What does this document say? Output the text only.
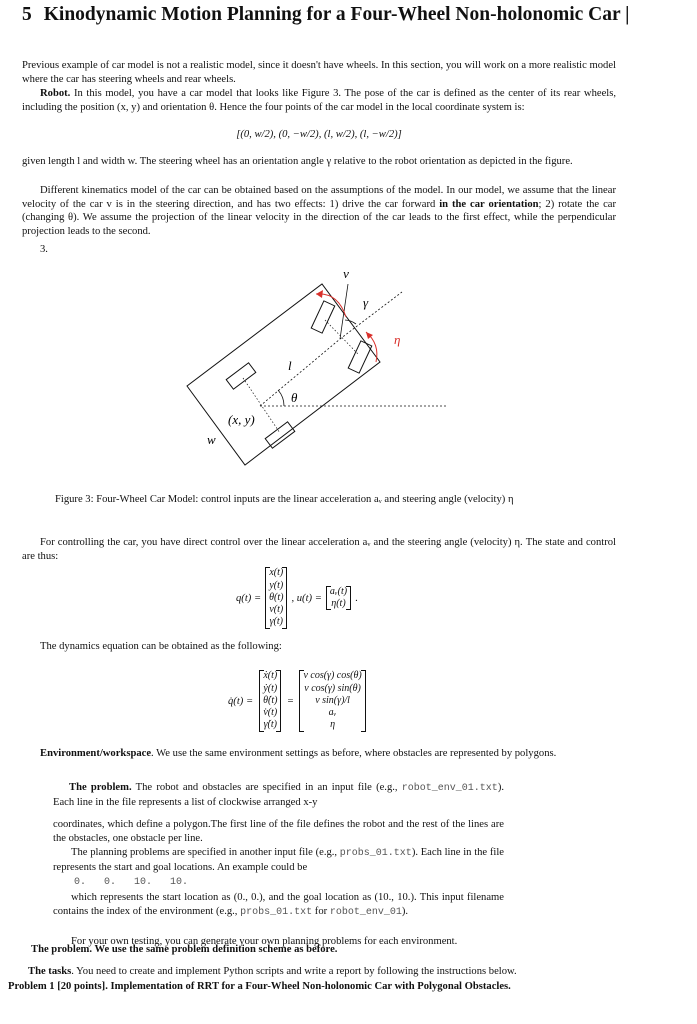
5 Kinodynamic Motion Planning for a Four-Wheel Non-holonomic Car |
Previous example of car model is not a realistic model, since it doesn't have wheels. In this section, you will work on a more realistic model where the car has steering wheels and rear wheels.
Robot. In this model, you have a car model that looks like Figure 3. The pose of the car is defined as the center of its rear wheels, including the position (x, y) and orientation θ. Hence the four points of the car model in the local coordinate system is:
[(0, w/2), (0, −w/2), (l, w/2), (l, −w/2)]
given length l and width w. The steering wheel has an orientation angle γ relative to the robot orientation as depicted in the figure.
Different kinematics model of the car can be obtained based on the assumptions of the model. In our model, we assume that the linear velocity of the car v is in the steering direction, and has two effects: 1) drive the car forward in the car orientation; 2) rotate the car (changing θ). We assume the projection of the linear velocity in the direction of the car leads to the first effect, while the perpendicular projection leads to the second.
3.
v
γ
η
l
θ
(x, y)
w
Figure 3: Four-Wheel Car Model: control inputs are the linear acceleration aᵥ and steering angle (velocity) η
For controlling the car, you have direct control over the linear acceleration aᵥ and the steering angle (velocity) η. The state and control are thus:
q(t) =
x(t)
y(t)
θ(t)
v(t)
γ(t)
, u(t) =
aᵥ(t)
η(t) .
The dynamics equation can be obtained as the following:
q̇(t) =
ẋ(t)
ẏ(t)
θ̇(t)
v̇(t)
γ̇(t)
=
v cos(γ) cos(θ)
v cos(γ) sin(θ)
v sin(γ)/l
aᵥ
η
Environment/workspace. We use the same environment settings as before, where obstacles are represented by polygons.
The problem. The robot and obstacles are specified in an input file (e.g., robot_env_01.txt). Each line in the file represents a list of clockwise arranged x-y
coordinates, which define a polygon.The first line of the file defines the robot and the rest of the lines are the obstacles, one obstacle per line.
The planning problems are specified in another input file (e.g., probs_01.txt). Each line in the file represents the start and goal locations. An example could be
0.   0.   10.   10.
which represents the start location as (0., 0.), and the goal location as (10., 10.). This input filename contains the index of the environment (e.g., probs_01.txt for robot_env_01).
For your own testing, you can generate your own planning problems for each environment.
The problem. We use the same problem definition scheme as before.
The tasks. You need to create and implement Python scripts and write a report by following the instructions below.
Problem 1 [20 points]. Implementation of RRT for a Four-Wheel Non-holonomic Car with Polygonal Obstacles.
